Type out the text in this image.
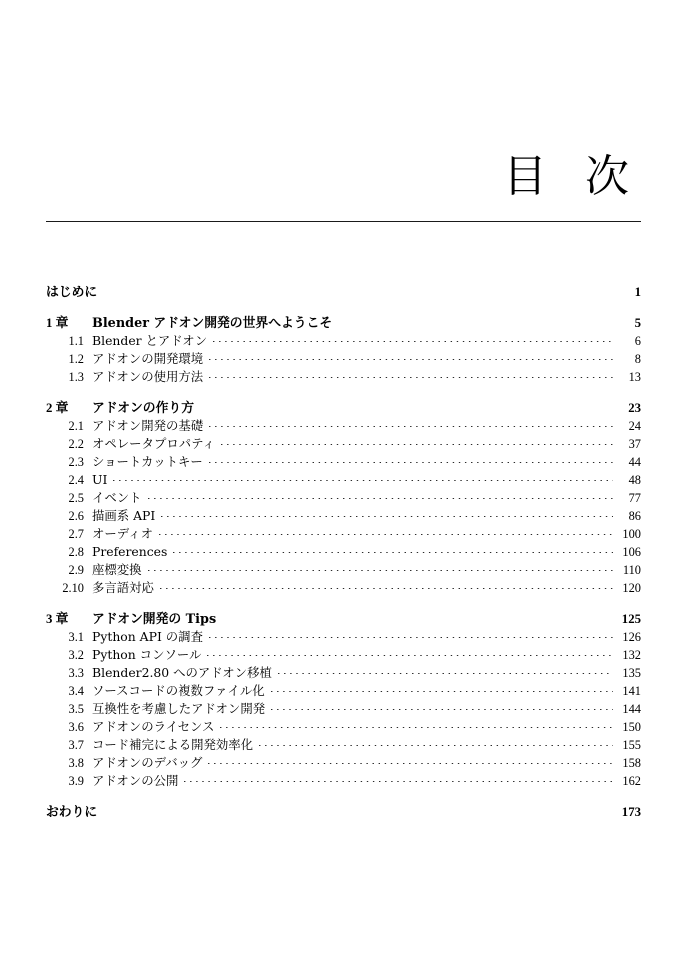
目 次
はじめに	1
1 章	Blender アドオン開発の世界へようこそ	5
1.1 Blender とアドオン	6
1.2 アドオンの開発環境	8
1.3 アドオンの使用方法	13
2 章	アドオンの作り方	23
2.1 アドオン開発の基礎	24
2.2 オペレータプロパティ	37
2.3 ショートカットキー	44
2.4 UI	48
2.5 イベント	77
2.6 描画系 API	86
2.7 オーディオ	100
2.8 Preferences	106
2.9 座標変換	110
2.10 多言語対応	120
3 章	アドオン開発の Tips	125
3.1 Python API の調査	126
3.2 Python コンソール	132
3.3 Blender2.80 へのアドオン移植	135
3.4 ソースコードの複数ファイル化	141
3.5 互換性を考慮したアドオン開発	144
3.6 アドオンのライセンス	150
3.7 コード補完による開発効率化	155
3.8 アドオンのデバッグ	158
3.9 アドオンの公開	162
おわりに	173
